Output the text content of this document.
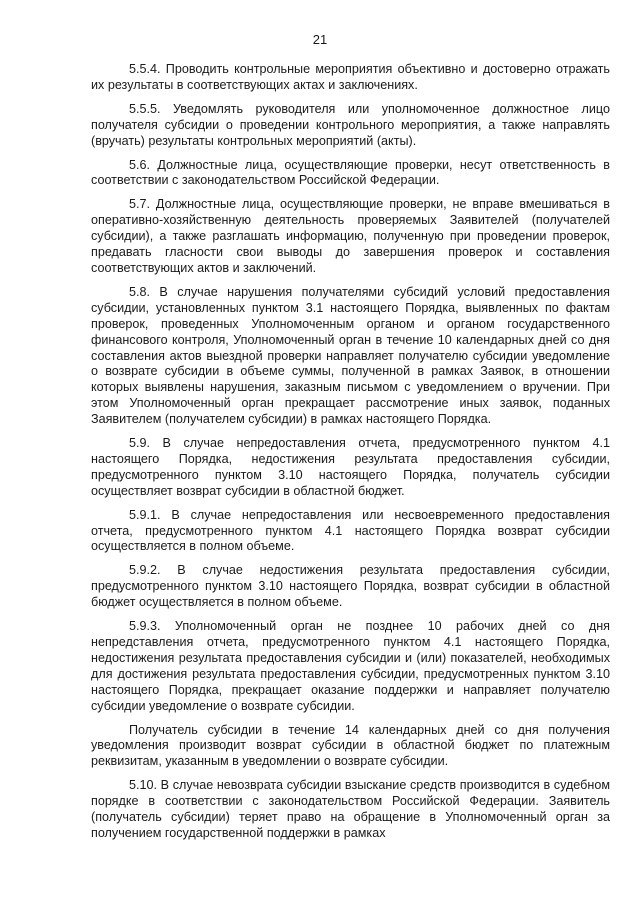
21

5.5.4. Проводить контрольные мероприятия объективно и достоверно отражать их результаты в соответствующих актах и заключениях.

5.5.5. Уведомлять руководителя или уполномоченное должностное лицо получателя субсидии о проведении контрольного мероприятия, а также направлять (вручать) результаты контрольных мероприятий (акты).

5.6. Должностные лица, осуществляющие проверки, несут ответственность в соответствии с законодательством Российской Федерации.

5.7. Должностные лица, осуществляющие проверки, не вправе вмешиваться в оперативно-хозяйственную деятельность проверяемых Заявителей (получателей субсидии), а также разглашать информацию, полученную при проведении проверок, предавать гласности свои выводы до завершения проверок и составления соответствующих актов и заключений.

5.8. В случае нарушения получателями субсидий условий предоставления субсидии, установленных пунктом 3.1 настоящего Порядка, выявленных по фактам проверок, проведенных Уполномоченным органом и органом государственного финансового контроля, Уполномоченный орган в течение 10 календарных дней со дня составления актов выездной проверки направляет получателю субсидии уведомление о возврате субсидии в объеме суммы, полученной в рамках Заявок, в отношении которых выявлены нарушения, заказным письмом с уведомлением о вручении. При этом Уполномоченный орган прекращает рассмотрение иных заявок, поданных Заявителем (получателем субсидии) в рамках настоящего Порядка.

5.9. В случае непредоставления отчета, предусмотренного пунктом 4.1 настоящего Порядка, недостижения результата предоставления субсидии, предусмотренного пунктом 3.10 настоящего Порядка, получатель субсидии осуществляет возврат субсидии в областной бюджет.

5.9.1. В случае непредоставления или несвоевременного предоставления отчета, предусмотренного пунктом 4.1 настоящего Порядка возврат субсидии осуществляется в полном объеме.

5.9.2. В случае недостижения результата предоставления субсидии, предусмотренного пунктом 3.10 настоящего Порядка, возврат субсидии в областной бюджет осуществляется в полном объеме.

5.9.3. Уполномоченный орган не позднее 10 рабочих дней со дня непредставления отчета, предусмотренного пунктом 4.1 настоящего Порядка, недостижения результата предоставления субсидии и (или) показателей, необходимых для достижения результата предоставления субсидии, предусмотренных пунктом 3.10 настоящего Порядка, прекращает оказание поддержки и направляет получателю субсидии уведомление о возврате субсидии.

Получатель субсидии в течение 14 календарных дней со дня получения уведомления производит возврат субсидии в областной бюджет по платежным реквизитам, указанным в уведомлении о возврате субсидии.

5.10. В случае невозврата субсидии взыскание средств производится в судебном порядке в соответствии с законодательством Российской Федерации. Заявитель (получатель субсидии) теряет право на обращение в Уполномоченный орган за получением государственной поддержки в рамках
